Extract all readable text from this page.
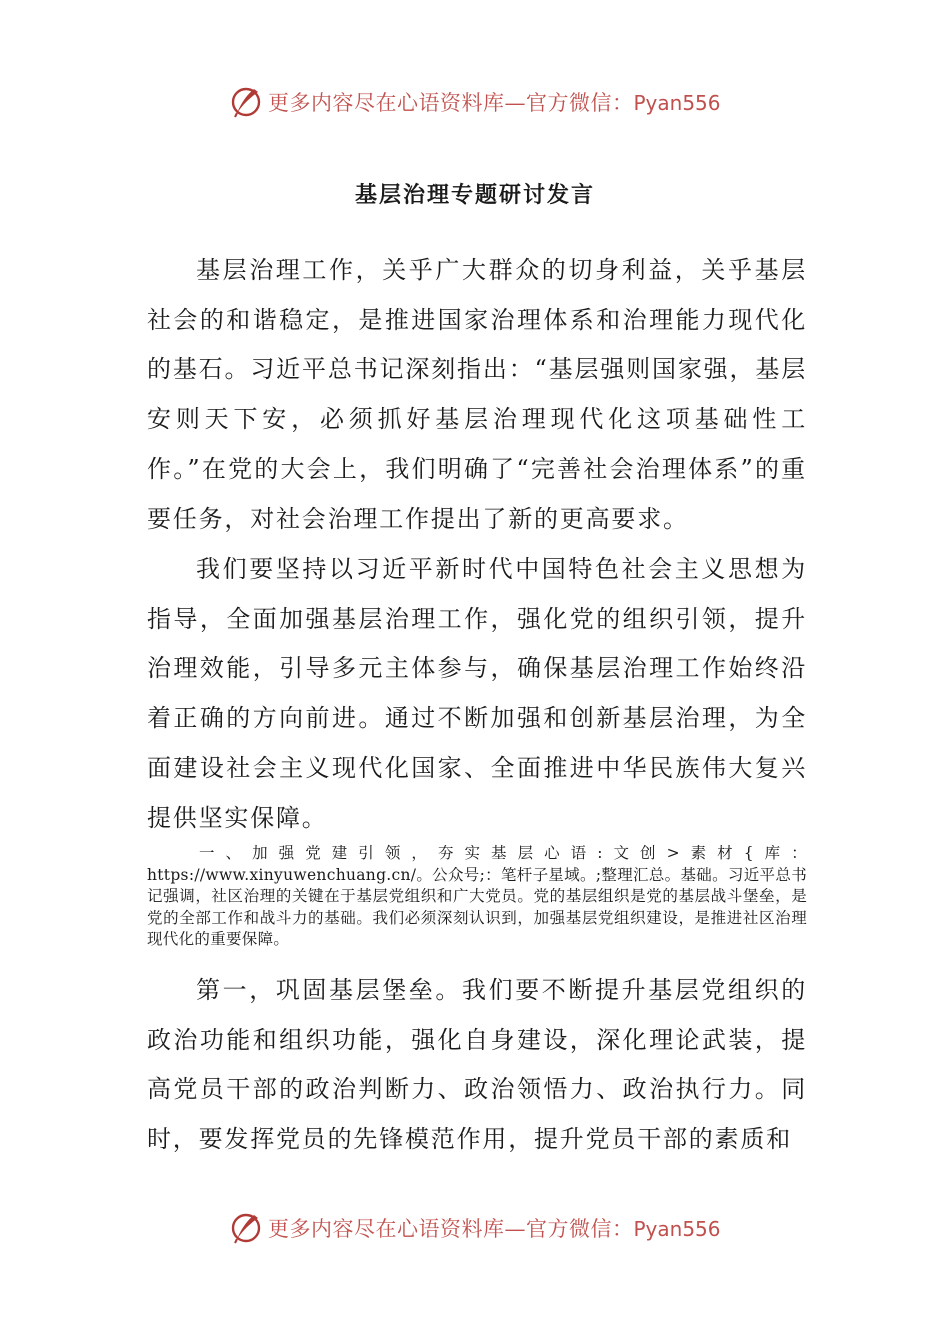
更多内容尽在心语资料库—官方微信：Pyan556
基层治理专题研讨发言

基层治理工作，关乎广大群众的切身利益，关乎基层社会的和谐稳定，是推进国家治理体系和治理能力现代化的基石。习近平总书记深刻指出：“基层强则国家强，基层安则天下安，必须抓好基层治理现代化这项基础性工作。”在党的大会上，我们明确了“完善社会治理体系”的重要任务，对社会治理工作提出了新的更高要求。

我们要坚持以习近平新时代中国特色社会主义思想为指导，全面加强基层治理工作，强化党的组织引领，提升治理效能，引导多元主体参与，确保基层治理工作始终沿着正确的方向前进。通过不断加强和创新基层治理，为全面建设社会主义现代化国家、全面推进中华民族伟大复兴提供坚实保障。

一、加强党建引领，夯实基层心语:文创>素材{库：https://www.xinyuwenchuang.cn/。公众号;：笔杆子星域。;整理汇总。基础。习近平总书记强调，社区治理的关键在于基层党组织和广大党员。党的基层组织是党的基层战斗堡垒，是党的全部工作和战斗力的基础。我们必须深刻认识到，加强基层党组织建设，是推进社区治理现代化的重要保障。

第一，巩固基层堡垒。我们要不断提升基层党组织的政治功能和组织功能，强化自身建设，深化理论武装，提高党员干部的政治判断力、政治领悟力、政治执行力。同时，要发挥党员的先锋模范作用，提升党员干部的素质和

更多内容尽在心语资料库—官方微信：Pyan556
